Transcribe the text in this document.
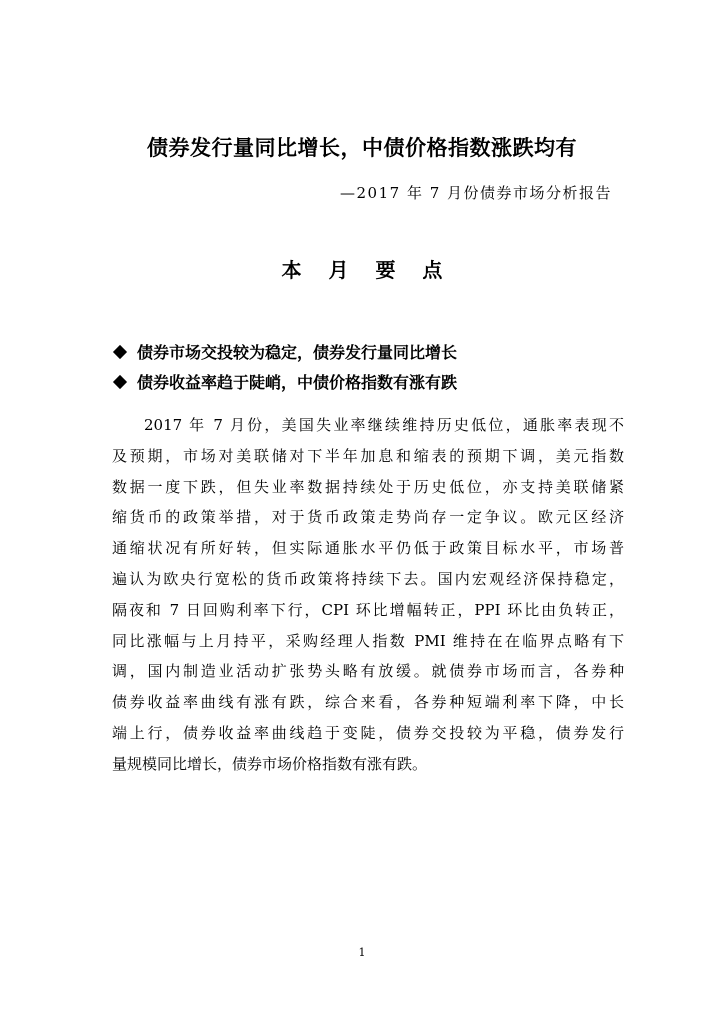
债券发行量同比增长，中债价格指数涨跌均有
—2017 年 7 月份债券市场分析报告
本 月 要 点
债券市场交投较为稳定，债券发行量同比增长
债券收益率趋于陡峭，中债价格指数有涨有跌
2017 年 7 月份，美国失业率继续维持历史低位，通胀率表现不
及预期，市场对美联储对下半年加息和缩表的预期下调，美元指数
数据一度下跌，但失业率数据持续处于历史低位，亦支持美联储紧
缩货币的政策举措，对于货币政策走势尚存一定争议。欧元区经济
通缩状况有所好转，但实际通胀水平仍低于政策目标水平，市场普
遍认为欧央行宽松的货币政策将持续下去。国内宏观经济保持稳定，
隔夜和 7 日回购利率下行，CPI 环比增幅转正，PPI 环比由负转正，
同比涨幅与上月持平，采购经理人指数 PMI 维持在在临界点略有下
调，国内制造业活动扩张势头略有放缓。就债券市场而言，各券种
债券收益率曲线有涨有跌，综合来看，各券种短端利率下降，中长
端上行，债券收益率曲线趋于变陡，债券交投较为平稳，债券发行
量规模同比增长，债券市场价格指数有涨有跌。
1
